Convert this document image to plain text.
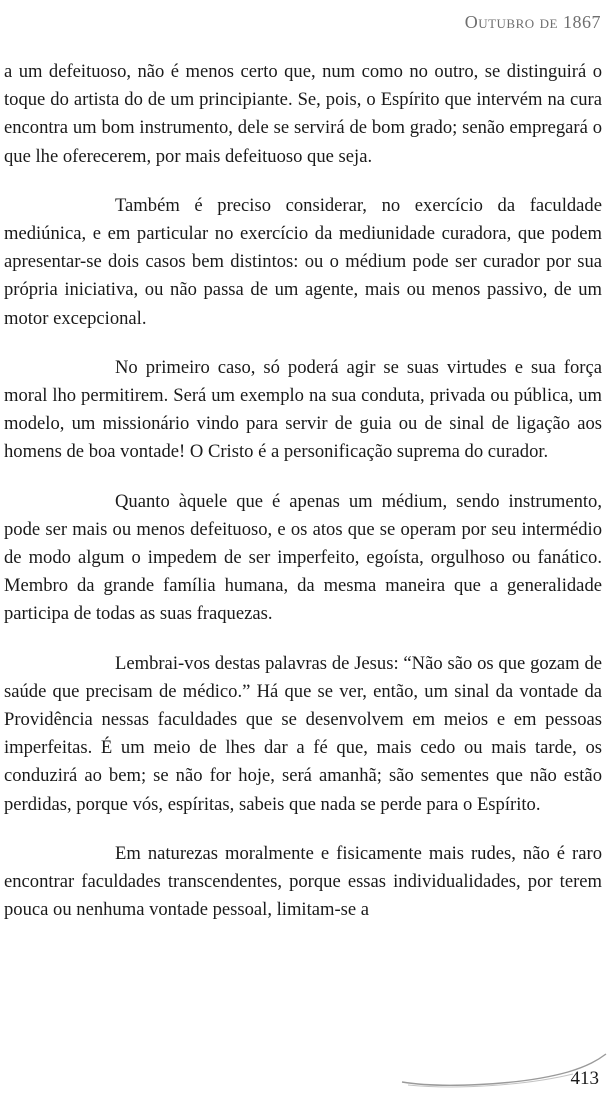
Outubro de 1867

a um defeituoso, não é menos certo que, num como no outro, se distinguirá o toque do artista do de um principiante. Se, pois, o Espírito que intervém na cura encontra um bom instrumento, dele se servirá de bom grado; senão empregará o que lhe oferecerem, por mais defeituoso que seja.

Também é preciso considerar, no exercício da faculdade mediúnica, e em particular no exercício da mediunidade curadora, que podem apresentar-se dois casos bem distintos: ou o médium pode ser curador por sua própria iniciativa, ou não passa de um agente, mais ou menos passivo, de um motor excepcional.

No primeiro caso, só poderá agir se suas virtudes e sua força moral lho permitirem. Será um exemplo na sua conduta, privada ou pública, um modelo, um missionário vindo para servir de guia ou de sinal de ligação aos homens de boa vontade! O Cristo é a personificação suprema do curador.

Quanto àquele que é apenas um médium, sendo instrumento, pode ser mais ou menos defeituoso, e os atos que se operam por seu intermédio de modo algum o impedem de ser imperfeito, egoísta, orgulhoso ou fanático. Membro da grande família humana, da mesma maneira que a generalidade participa de todas as suas fraquezas.

Lembrai-vos destas palavras de Jesus: “Não são os que gozam de saúde que precisam de médico.” Há que se ver, então, um sinal da vontade da Providência nessas faculdades que se desenvolvem em meios e em pessoas imperfeitas. É um meio de lhes dar a fé que, mais cedo ou mais tarde, os conduzirá ao bem; se não for hoje, será amanhã; são sementes que não estão perdidas, porque vós, espíritas, sabeis que nada se perde para o Espírito.

Em naturezas moralmente e fisicamente mais rudes, não é raro encontrar faculdades transcendentes, porque essas individualidades, por terem pouca ou nenhuma vontade pessoal, limitam-se a

413
